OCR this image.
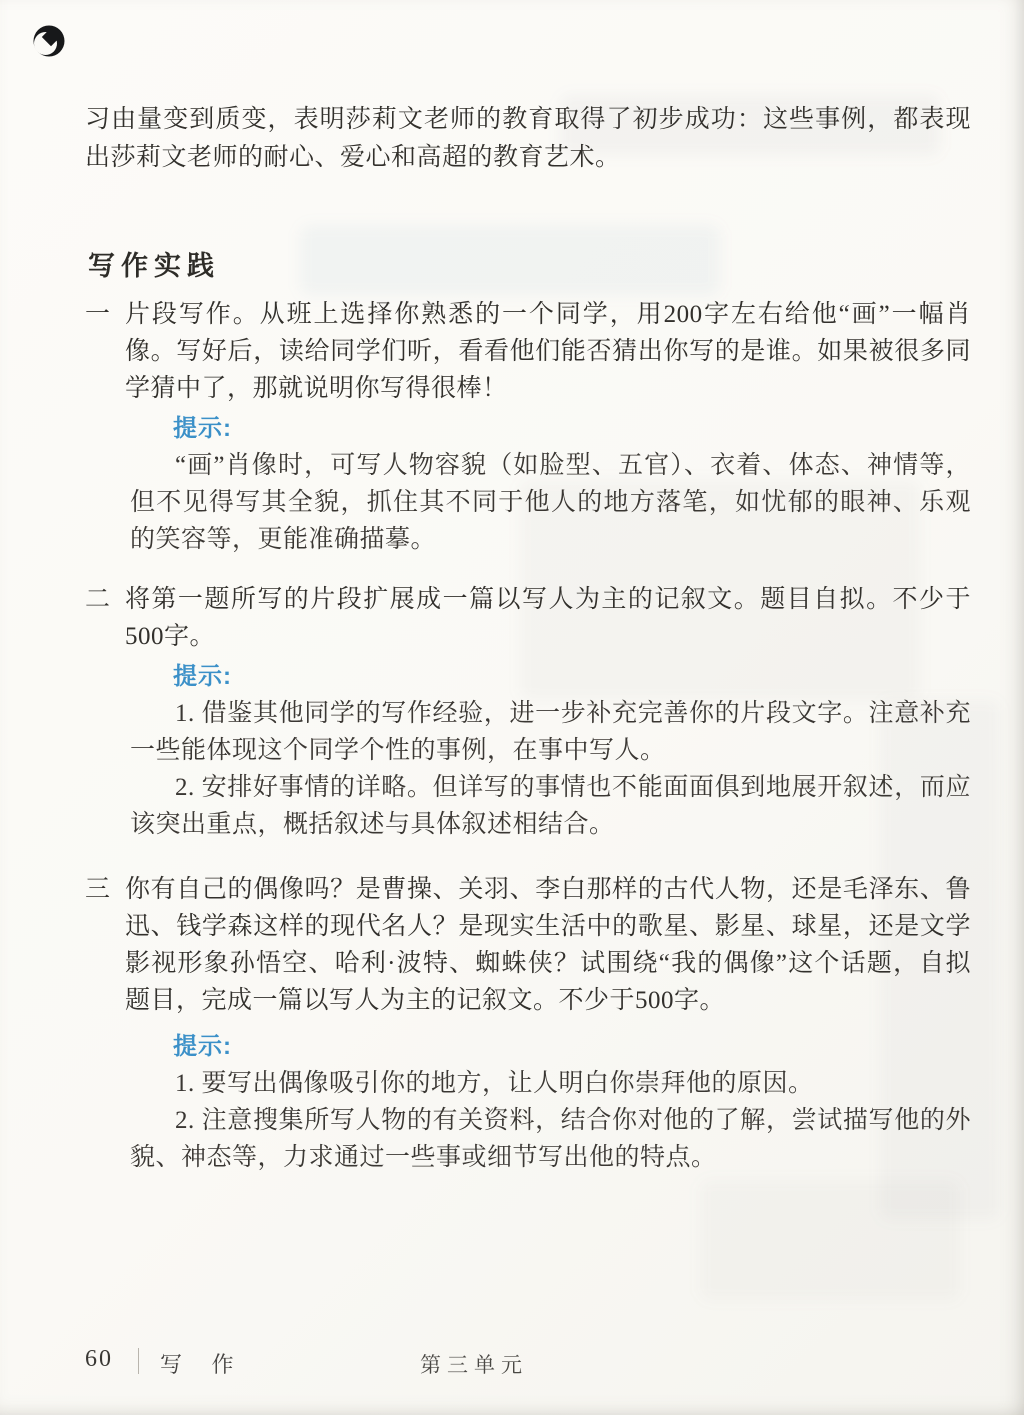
习由量变到质变，表明莎莉文老师的教育取得了初步成功：这些事例，都表现出莎莉文老师的耐心、爱心和高超的教育艺术。

写作实践
一 片段写作。从班上选择你熟悉的一个同学，用200字左右给他“画”一幅肖像。写好后，读给同学们听，看看他们能否猜出你写的是谁。如果被很多同学猜中了，那就说明你写得很棒！
提示:

“画”肖像时，可写人物容貌（如脸型、五官）、衣着、体态、神情等，但不见得写其全貌，抓住其不同于他人的地方落笔，如忧郁的眼神、乐观的笑容等，更能准确描摹。

二 将第一题所写的片段扩展成一篇以写人为主的记叙文。题目自拟。不少于500字。
提示:

1. 借鉴其他同学的写作经验，进一步补充完善你的片段文字。注意补充一些能体现这个同学个性的事例，在事中写人。

2. 安排好事情的详略。但详写的事情也不能面面俱到地展开叙述，而应该突出重点，概括叙述与具体叙述相结合。

三 你有自己的偶像吗？是曹操、关羽、李白那样的古代人物，还是毛泽东、鲁迅、钱学森这样的现代名人？是现实生活中的歌星、影星、球星，还是文学影视形象孙悟空、哈利·波特、蜘蛛侠？试围绕“我的偶像”这个话题，自拟题目，完成一篇以写人为主的记叙文。不少于500字。
提示:

1. 要写出偶像吸引你的地方，让人明白你崇拜他的原因。

2. 注意搜集所写人物的有关资料，结合你对他的了解，尝试描写他的外貌、神态等，力求通过一些事或细节写出他的特点。

60 写 作	第三单元
